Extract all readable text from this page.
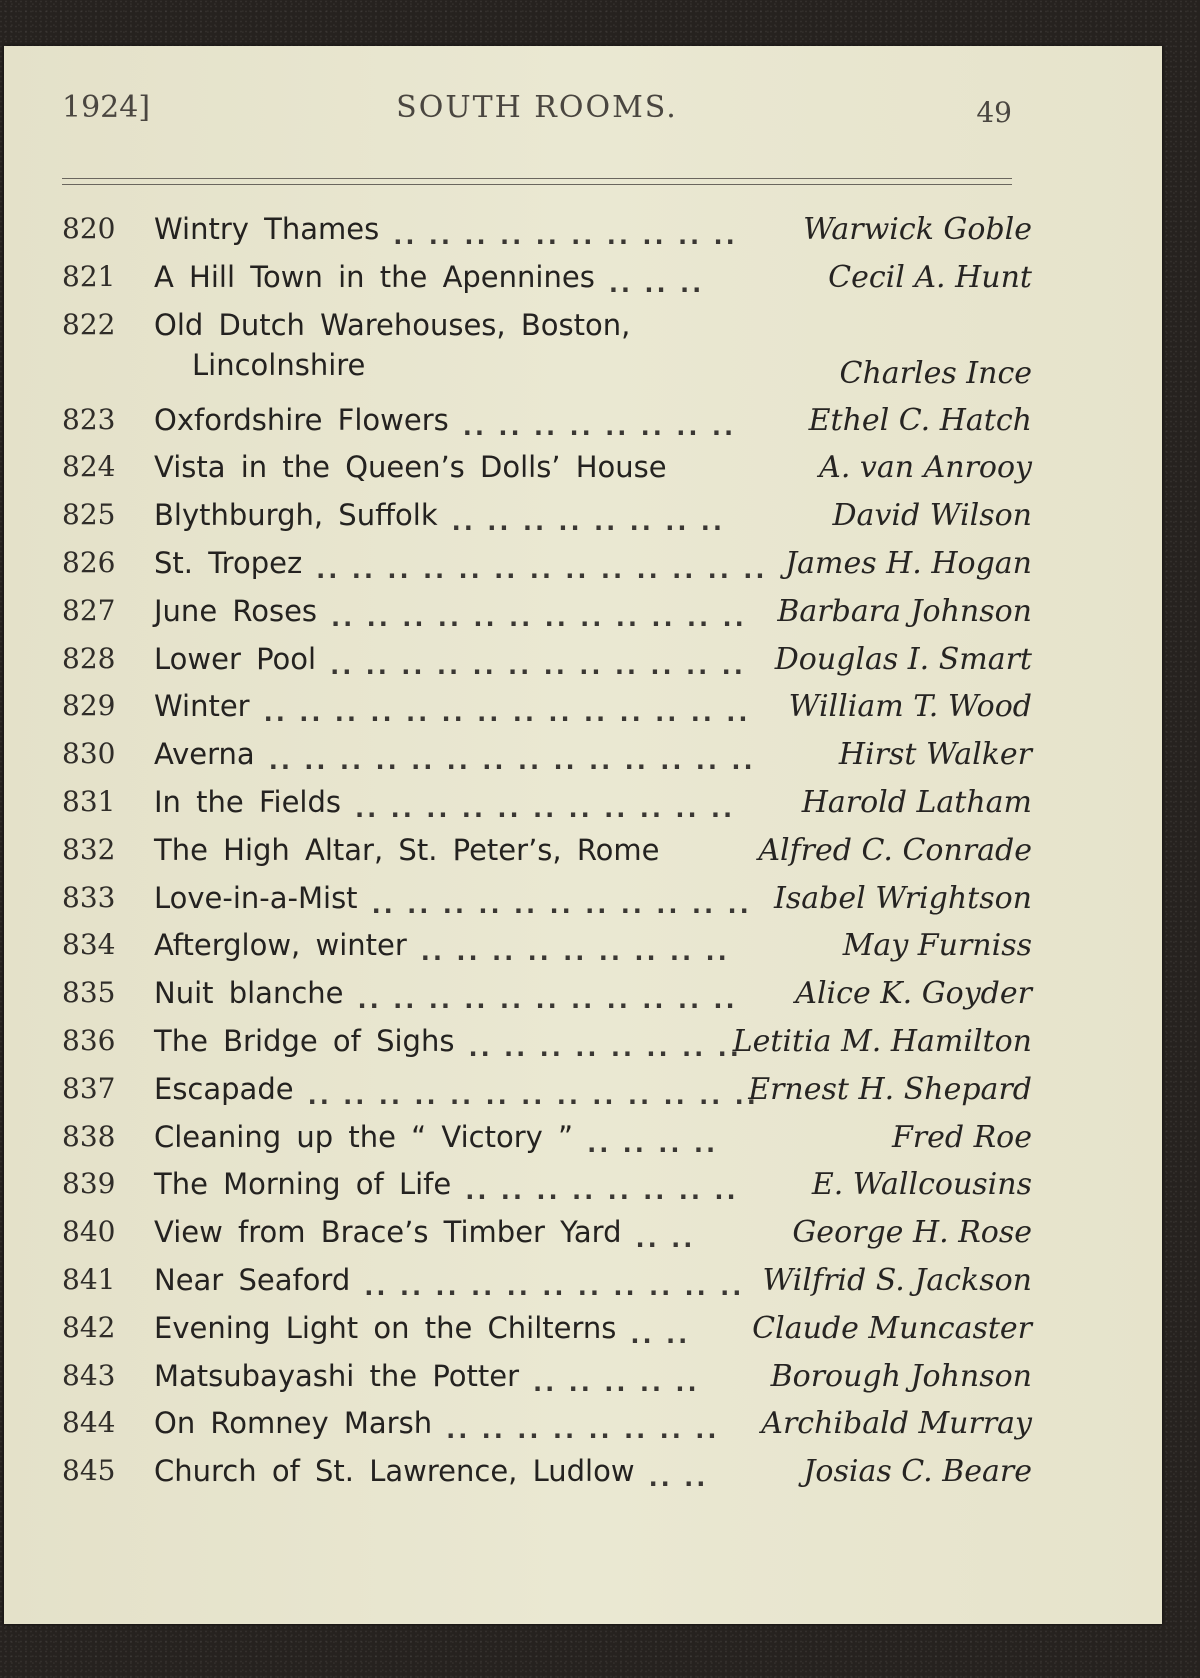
1924]	SOUTH ROOMS.	49
820 Wintry Thames	Warwick Goble
.. .. .. .. .. .. .. .. .. ..
821 A Hill Town in the Apennines	Cecil A. Hunt
.. .. ..
822 Old Dutch Warehouses, Boston,
Lincolnshire	Charles Ince
823 Oxfordshire Flowers	Ethel C. Hatch
.. .. .. .. .. .. .. ..
824 Vista in the Queen’s Dolls’ House	A. van Anrooy
825 Blythburgh, Suffolk	David Wilson
.. .. .. .. .. .. .. ..
826 St. Tropez	James H. Hogan
.. .. .. .. .. .. .. .. .. .. .. .. ..
827 June Roses	Barbara Johnson
.. .. .. .. .. .. .. .. .. .. .. ..
828 Lower Pool	Douglas I. Smart
.. .. .. .. .. .. .. .. .. .. .. ..
829 Winter	William T. Wood
.. .. .. .. .. .. .. .. .. .. .. .. .. ..
830 Averna	Hirst Walker
.. .. .. .. .. .. .. .. .. .. .. .. .. ..
831 In the Fields	Harold Latham
.. .. .. .. .. .. .. .. .. .. ..
832 The High Altar, St. Peter’s, Rome	Alfred C. Conrade
833 Love-in-a-Mist	Isabel Wrightson
.. .. .. .. .. .. .. .. .. .. ..
834 Afterglow, winter	May Furniss
.. .. .. .. .. .. .. .. ..
835 Nuit blanche	Alice K. Goyder
.. .. .. .. .. .. .. .. .. .. ..
836 The Bridge of Sighs	Letitia M. Hamilton
.. .. .. .. .. .. .. ..
837 Escapade	Ernest H. Shepard
.. .. .. .. .. .. .. .. .. .. .. .. ..
838 Cleaning up the “ Victory ”	Fred Roe
.. .. .. ..
839 The Morning of Life	E. Wallcousins
.. .. .. .. .. .. .. ..
840 View from Brace’s Timber Yard	George H. Rose
.. ..
841 Near Seaford	Wilfrid S. Jackson
.. .. .. .. .. .. .. .. .. .. ..
842 Evening Light on the Chilterns	Claude Muncaster
.. ..
843 Matsubayashi the Potter	Borough Johnson
.. .. .. .. ..
844 On Romney Marsh	Archibald Murray
.. .. .. .. .. .. .. ..
845 Church of St. Lawrence, Ludlow	Josias C. Beare
.. ..
